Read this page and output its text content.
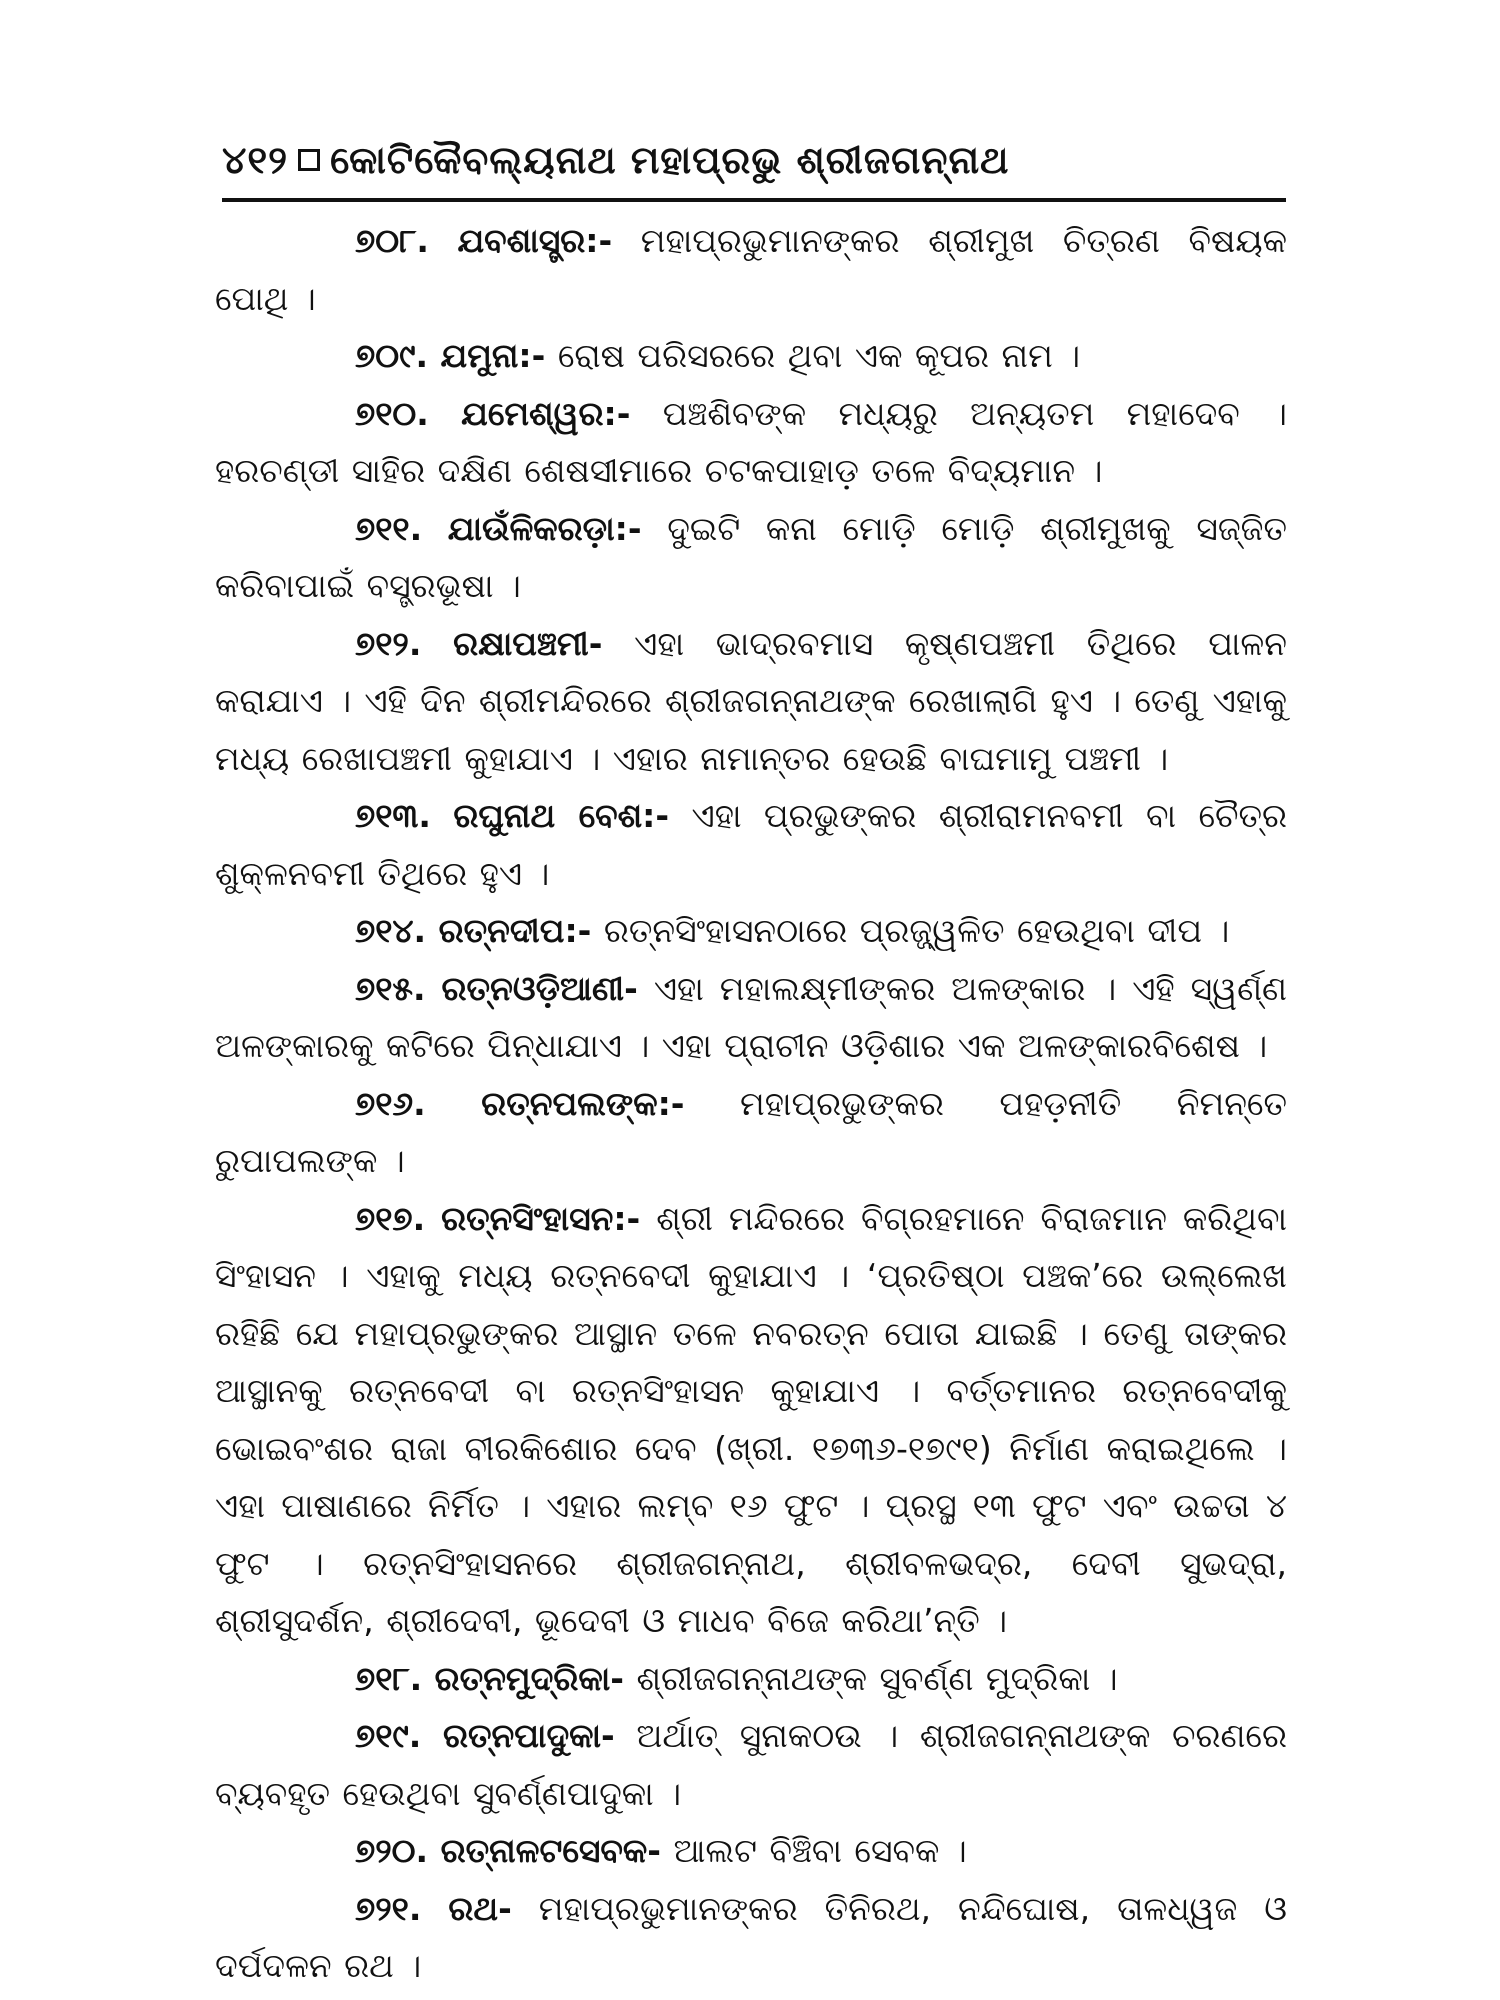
୪୧୨ କୋଟିକୈବଲ୍ୟନାଥ ମହାପ୍ରଭୁ ଶ୍ରୀଜଗନ୍ନାଥ

୭୦୮. ଯବଶାସ୍ତ୍ର:- ମହାପ୍ରଭୁମାନଙ୍କର ଶ୍ରୀମୁଖ ଚିତ୍ରଣ ବିଷୟକ ପୋଥି ।

୭୦୯. ଯମୁନା:- ରୋଷ ପରିସରରେ ଥିବା ଏକ କୂପର ନାମ ।

୭୧୦. ଯମେଶ୍ୱର:- ପଞ୍ଚଶିବଙ୍କ ମଧ୍ୟରୁ ଅନ୍ୟତମ ମହାଦେବ । ହରଚଣ୍ଡୀ ସାହିର ଦକ୍ଷିଣ ଶେଷସୀମାରେ ଚଟକପାହାଡ଼ ତଳେ ବିଦ୍ୟମାନ ।

୭୧୧. ଯାଉଁଳିକରଡ଼ା:- ଦୁଇଟି କନା ମୋଡ଼ି ମୋଡ଼ି ଶ୍ରୀମୁଖକୁ ସଜ୍ଜିତ କରିବାପାଇଁ ବସ୍ତ୍ରଭୂଷା ।

୭୧୨. ରକ୍ଷାପଞ୍ଚମୀ- ଏହା ଭାଦ୍ରବମାସ କୃଷ୍ଣପଞ୍ଚମୀ ତିଥିରେ ପାଳନ କରାଯାଏ । ଏହି ଦିନ ଶ୍ରୀମନ୍ଦିରରେ ଶ୍ରୀଜଗନ୍ନାଥଙ୍କ ରେଖାଲାଗି ହୁଏ । ତେଣୁ ଏହାକୁ ମଧ୍ୟ ରେଖାପଞ୍ଚମୀ କୁହାଯାଏ । ଏହାର ନାମାନ୍ତର ହେଉଛି ବାଘମାମୁ ପଞ୍ଚମୀ ।

୭୧୩. ରଘୁନାଥ ବେଶ:- ଏହା ପ୍ରଭୁଙ୍କର ଶ୍ରୀରାମନବମୀ ବା ଚୈତ୍ର ଶୁକ୍ଳନବମୀ ତିଥିରେ ହୁଏ ।

୭୧୪. ରତ୍ନଦୀପ:- ରତ୍ନସିଂହାସନଠାରେ ପ୍ରଜ୍ଜ୍ୱଳିତ ହେଉଥିବା ଦୀପ ।

୭୧୫. ରତ୍ନଓଡ଼ିଆଣୀ- ଏହା ମହାଲକ୍ଷ୍ମୀଙ୍କର ଅଳଙ୍କାର । ଏହି ସ୍ୱର୍ଣ୍ଣ ଅଳଙ୍କାରକୁ କଟିରେ ପିନ୍ଧାଯାଏ । ଏହା ପ୍ରାଚୀନ ଓଡ଼ିଶାର ଏକ ଅଳଙ୍କାରବିଶେଷ ।

୭୧୬. ରତ୍ନପଲଙ୍କ:- ମହାପ୍ରଭୁଙ୍କର ପହଡ଼ନୀତି ନିମନ୍ତେ ରୁପାପଲଙ୍କ ।

୭୧୭. ରତ୍ନସିଂହାସନ:- ଶ୍ରୀ ମନ୍ଦିରରେ ବିଗ୍ରହମାନେ ବିରାଜମାନ କରିଥିବା ସିଂହାସନ । ଏହାକୁ ମଧ୍ୟ ରତ୍ନବେଦୀ କୁହାଯାଏ । ‘ପ୍ରତିଷ୍ଠା ପଞ୍ଚକ’ରେ ଉଲ୍ଲେଖ ରହିଛି ଯେ ମହାପ୍ରଭୁଙ୍କର ଆସ୍ଥାନ ତଳେ ନବରତ୍ନ ପୋତା ଯାଇଛି । ତେଣୁ ତାଙ୍କର ଆସ୍ଥାନକୁ ରତ୍ନବେଦୀ ବା ରତ୍ନସିଂହାସନ କୁହାଯାଏ । ବର୍ତ୍ତମାନର ରତ୍ନବେଦୀକୁ ଭୋଇବଂଶର ରାଜା ବୀରକିଶୋର ଦେବ (ଖ୍ରୀ. ୧୭୩୬-୧୭୯୧) ନିର୍ମାଣ କରାଇଥିଲେ । ଏହା ପାଷାଣରେ ନିର୍ମିତ । ଏହାର ଲମ୍ବ ୧୬ ଫୁଟ । ପ୍ରସ୍ଥ ୧୩ ଫୁଟ ଏବଂ ଉଚ୍ଚତା ୪ ଫୁଟ । ରତ୍ନସିଂହାସନରେ ଶ୍ରୀଜଗନ୍ନାଥ, ଶ୍ରୀବଳଭଦ୍ର, ଦେବୀ ସୁଭଦ୍ରା, ଶ୍ରୀସୁଦର୍ଶନ, ଶ୍ରୀଦେବୀ, ଭୂଦେବୀ ଓ ମାଧବ ବିଜେ କରିଥା’ନ୍ତି ।

୭୧୮. ରତ୍ନମୁଦ୍ରିକା- ଶ୍ରୀଜଗନ୍ନାଥଙ୍କ ସୁବର୍ଣ୍ଣ ମୁଦ୍ରିକା ।

୭୧୯. ରତ୍ନପାଦୁକା- ଅର୍ଥାତ୍ ସୁନାକଠଉ । ଶ୍ରୀଜଗନ୍ନାଥଙ୍କ ଚରଣରେ ବ୍ୟବହୃତ ହେଉଥିବା ସୁବର୍ଣ୍ଣପାଦୁକା ।

୭୨୦. ରତ୍ନାଳଟସେବକ- ଆଲଟ ବିଞ୍ଚିବା ସେବକ ।

୭୨୧. ରଥ- ମହାପ୍ରଭୁମାନଙ୍କର ତିନିରଥ, ନନ୍ଦିଘୋଷ, ତାଳଧ୍ୱଜ ଓ ଦର୍ପଦଳନ ରଥ ।
